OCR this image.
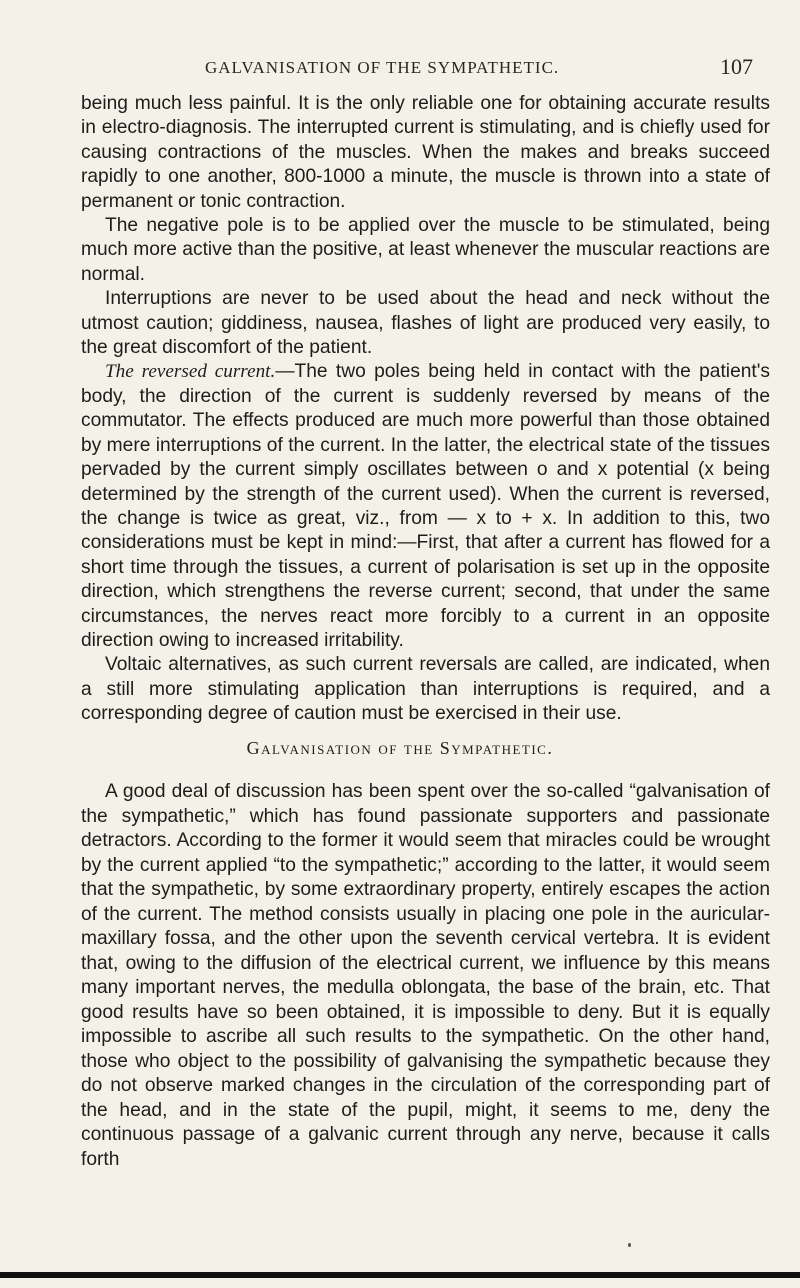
GALVANISATION OF THE SYMPATHETIC.	107

being much less painful. It is the only reliable one for obtaining accurate results in electro-diagnosis. The interrupted current is stimulating, and is chiefly used for causing contractions of the muscles. When the makes and breaks succeed rapidly to one another, 800-1000 a minute, the muscle is thrown into a state of permanent or tonic contraction.

The negative pole is to be applied over the muscle to be stimulated, being much more active than the positive, at least whenever the muscular reactions are normal.

Interruptions are never to be used about the head and neck without the utmost caution; giddiness, nausea, flashes of light are produced very easily, to the great discomfort of the patient.

The reversed current.—The two poles being held in contact with the patient's body, the direction of the current is suddenly reversed by means of the commutator. The effects produced are much more powerful than those obtained by mere interruptions of the current. In the latter, the electrical state of the tissues pervaded by the current simply oscillates between o and x potential (x being determined by the strength of the current used). When the current is reversed, the change is twice as great, viz., from — x to + x. In addition to this, two considerations must be kept in mind:—First, that after a current has flowed for a short time through the tissues, a current of polarisation is set up in the opposite direction, which strengthens the reverse current; second, that under the same circumstances, the nerves react more forcibly to a current in an opposite direction owing to increased irritability.

Voltaic alternatives, as such current reversals are called, are indicated, when a still more stimulating application than interruptions is required, and a corresponding degree of caution must be exercised in their use.

Galvanisation of the Sympathetic.

A good deal of discussion has been spent over the so-called “galvanisation of the sympathetic,” which has found passionate supporters and passionate detractors. According to the former it would seem that miracles could be wrought by the current applied “to the sympathetic;” according to the latter, it would seem that the sympathetic, by some extraordinary property, entirely escapes the action of the current. The method consists usually in placing one pole in the auricular-maxillary fossa, and the other upon the seventh cervical vertebra. It is evident that, owing to the diffusion of the electrical current, we influence by this means many important nerves, the medulla oblongata, the base of the brain, etc. That good results have so been obtained, it is impossible to deny. But it is equally impossible to ascribe all such results to the sympathetic. On the other hand, those who object to the possibility of galvanising the sympathetic because they do not observe marked changes in the circulation of the corresponding part of the head, and in the state of the pupil, might, it seems to me, deny the continuous passage of a galvanic current through any nerve, because it calls forth
